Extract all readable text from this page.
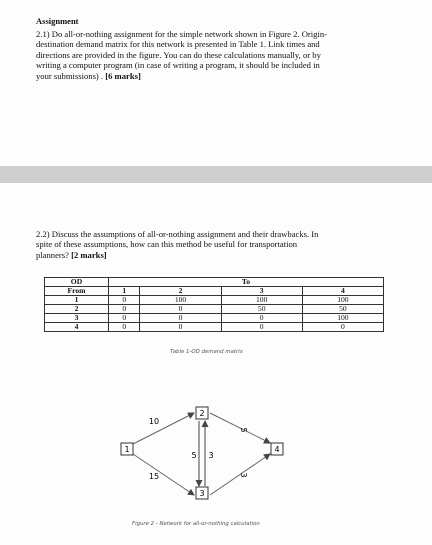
Assignment
2.1) Do all-or-nothing assignment for the simple network shown in Figure 2. Origin-
destination demand matrix for this network is presented in Table 1. Link times and
directions are provided in the figure. You can do these calculations manually, or by
writing a computer program (in case of writing a program, it should be included in
your submissions) . [6 marks]
2.2) Discuss the assumptions of all-or-nothing assignment and their drawbacks. In
spite of these assumptions, how can this method be useful for transportation
planners? [2 marks]
OD	To			
From	1	2	3	4
1	0	100	100	100
2	0	0	50	50
3	0	0	0	100
4	0	0	0	0
Table 1-OD demand matrix
1
2
3
4
10
15
5
3
5 3
Figure 2 - Network for all-or-nothing calculation
